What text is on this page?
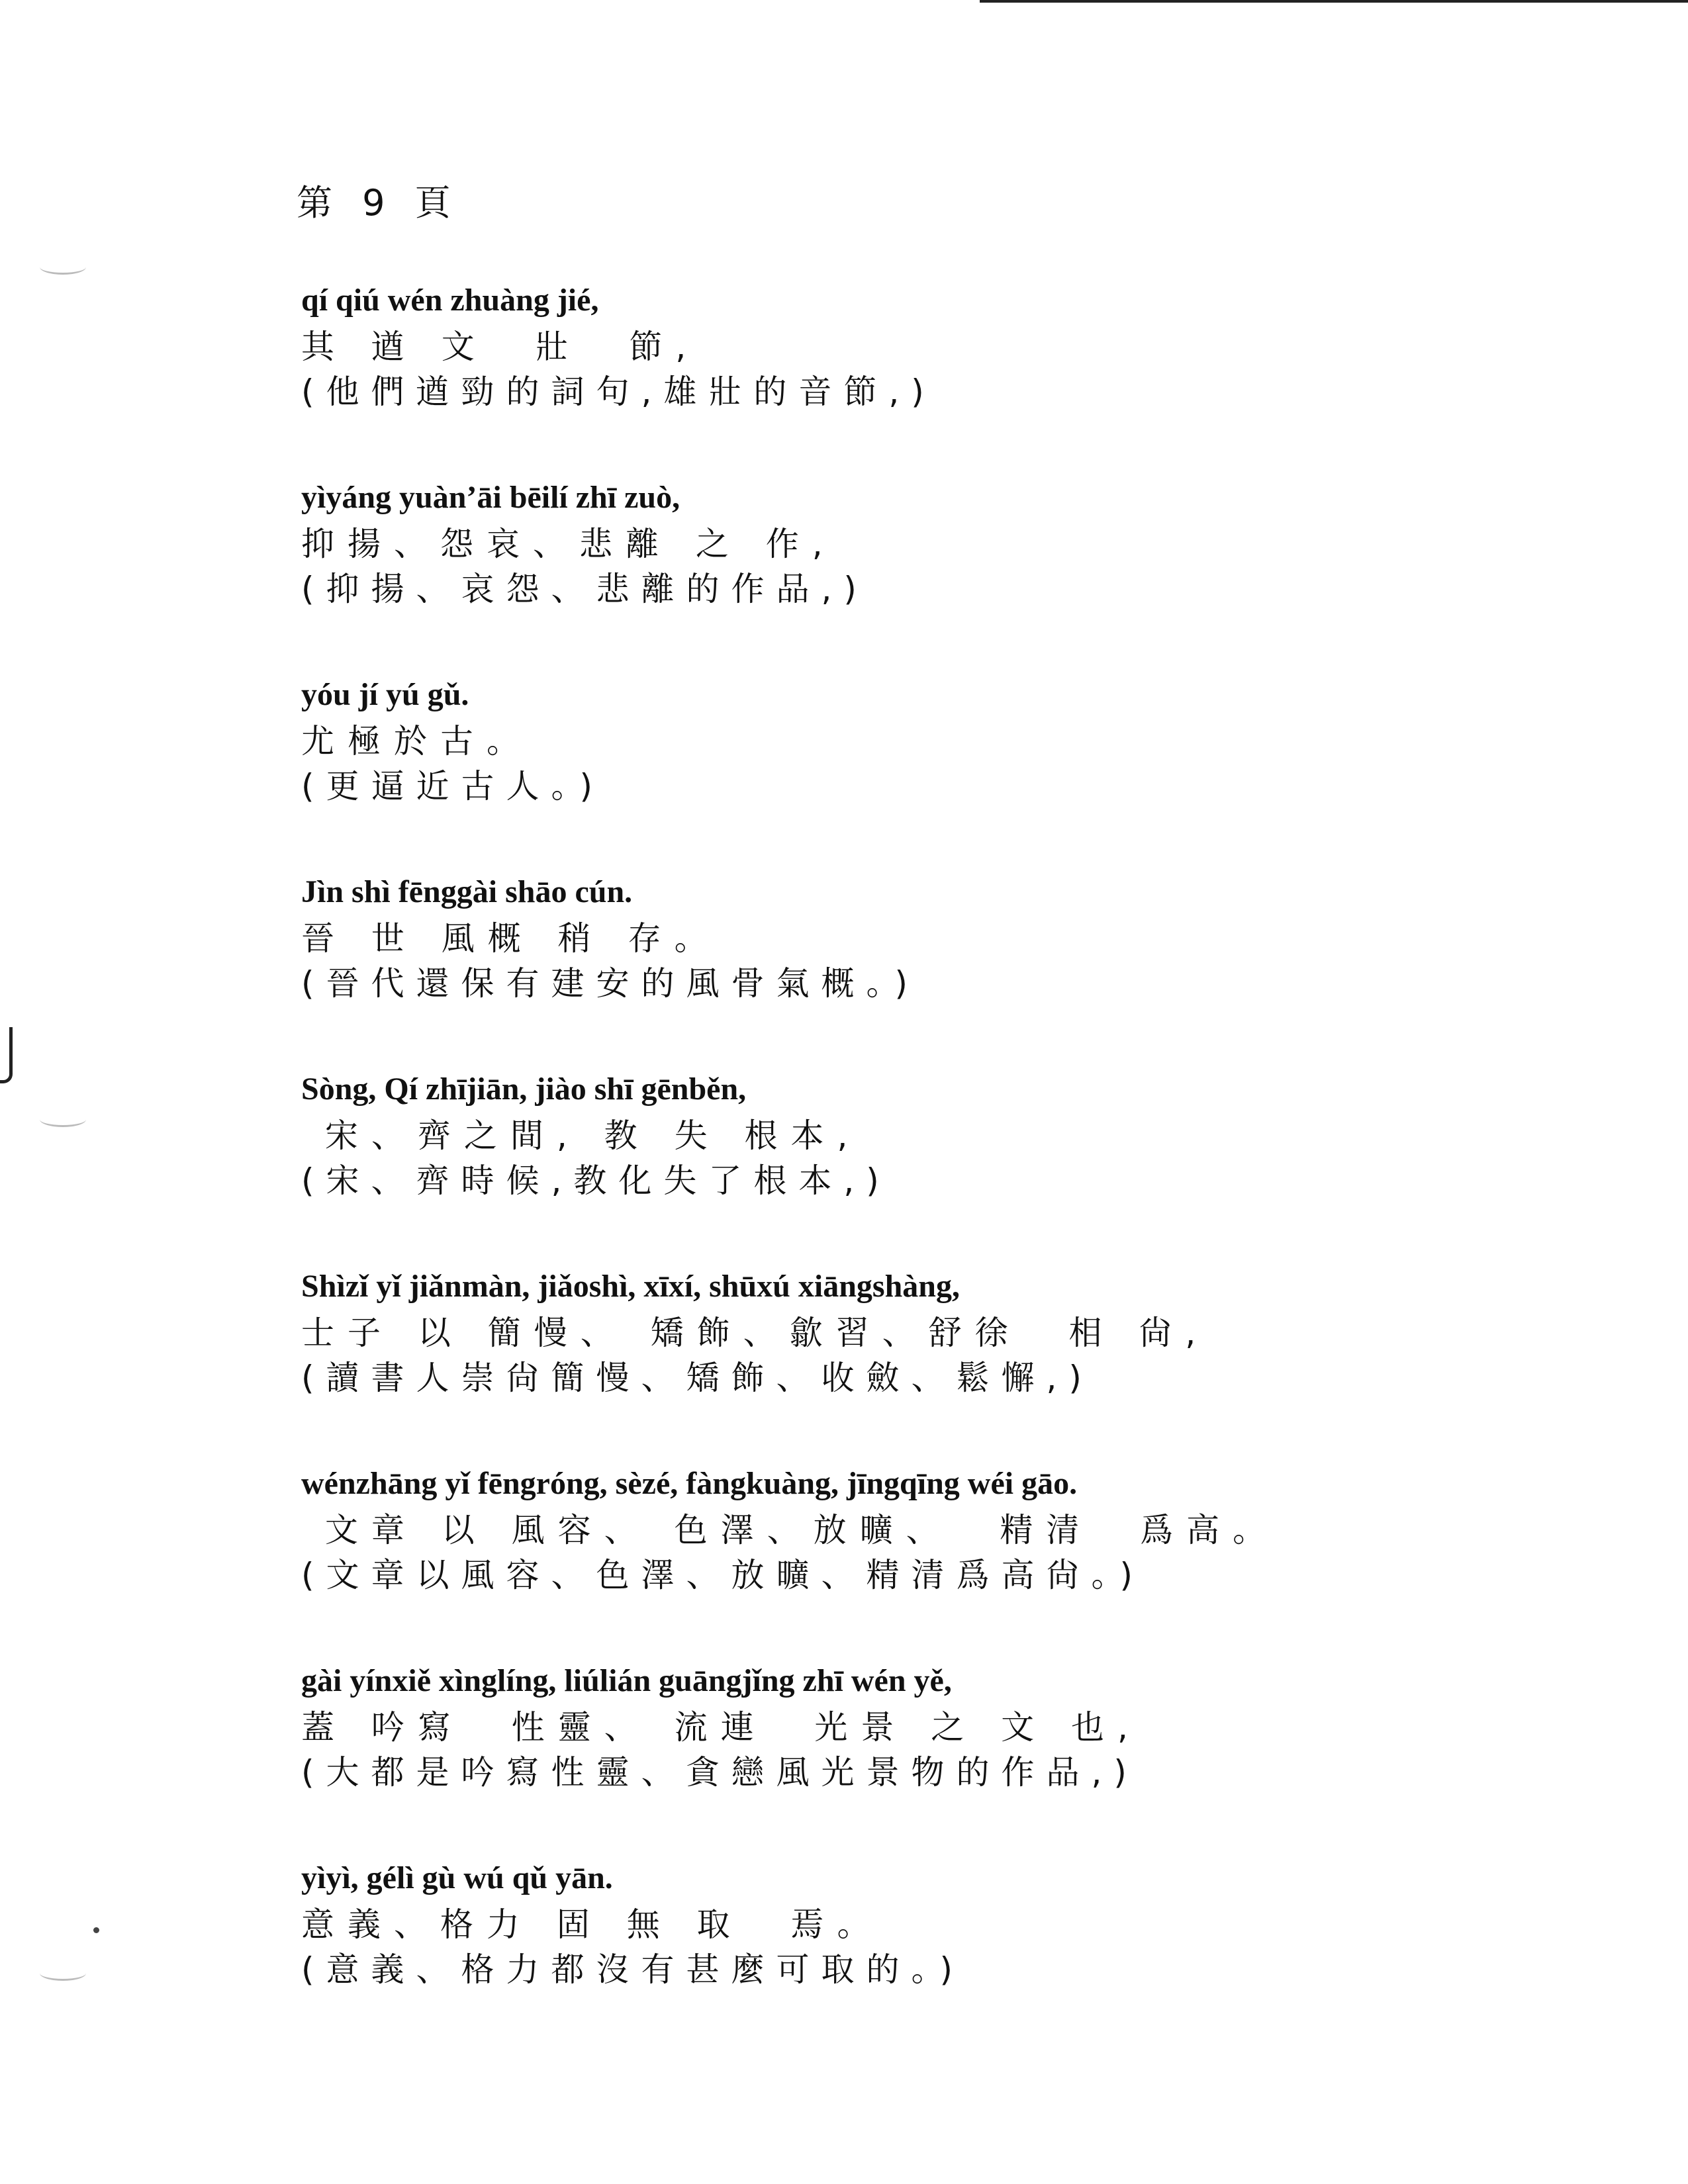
第 9 頁
qí qiú wén zhuàng jié,
其 遒 文  壯  節,
(他們遒勁的詞句,雄壯的音節,)
yìyáng yuàn’āi bēilí zhī zuò,
抑揚、怨哀、悲離 之 作,
(抑揚、哀怨、悲離的作品,)
yóu jí yú gǔ.
尤極於古。
(更逼近古人。)
Jìn shì fēnggài shāo cún.
晉 世 風概 稍 存。
(晉代還保有建安的風骨氣概。)
Sòng, Qí zhījiān, jiào shī gēnběn,
宋、齊之間, 教 失 根本,
(宋、齊時候,教化失了根本,)
Shìzǐ yǐ jiǎnmàn, jiǎoshì, xīxí, shūxú xiāngshàng,
士子 以 簡慢、 矯飾、歙習、舒徐  相 尙,
(讀書人崇尙簡慢、矯飾、收斂、鬆懈,)
wénzhāng yǐ fēngróng, sèzé, fàngkuàng, jīngqīng wéi gāo.
文章 以 風容、 色澤、放曠、  精清  爲高。
(文章以風容、色澤、放曠、精清爲高尙。)
gài yínxiě xìnglíng, liúlián guāngjǐng zhī wén yě,
蓋 吟寫  性靈、 流連  光景 之 文 也,
(大都是吟寫性靈、貪戀風光景物的作品,)
yìyì, gélì gù wú qǔ yān.
意義、格力 固 無 取  焉。
(意義、格力都沒有甚麼可取的。)
